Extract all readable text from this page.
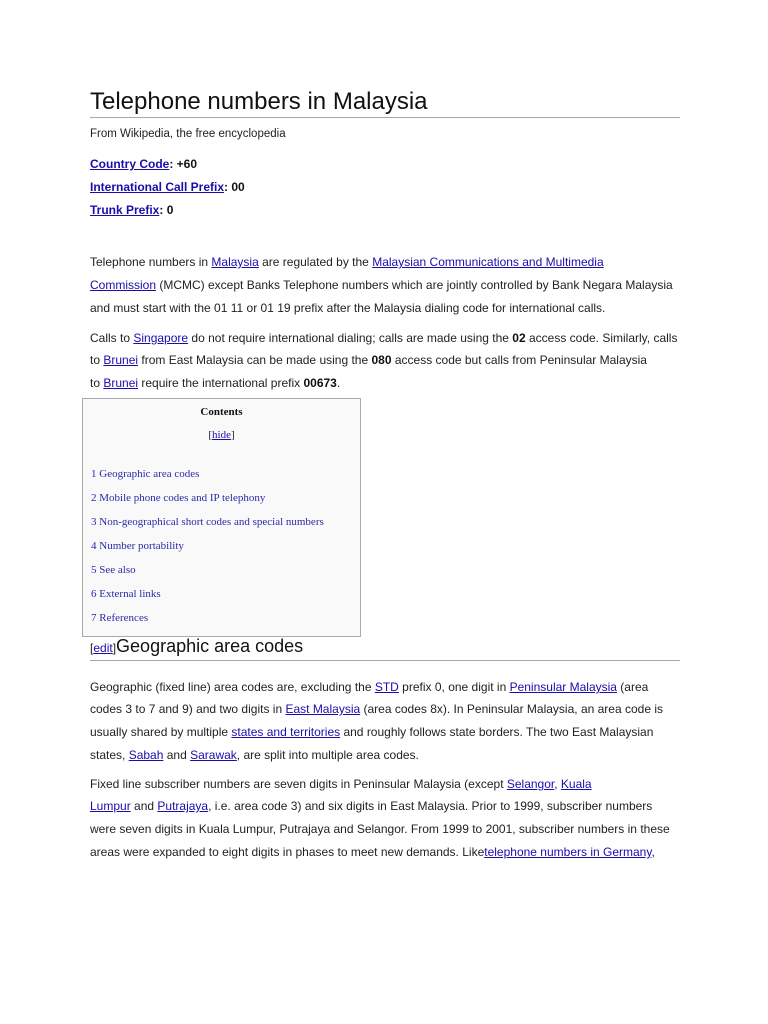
Telephone numbers in Malaysia
From Wikipedia, the free encyclopedia
Country Code: +60
International Call Prefix: 00
Trunk Prefix: 0
Telephone numbers in Malaysia are regulated by the Malaysian Communications and Multimedia
Commission (MCMC) except Banks Telephone numbers which are jointly controlled by Bank Negara Malaysia
and must start with the 01 11 or 01 19 prefix after the Malaysia dialing code for international calls.
Calls to Singapore do not require international dialing; calls are made using the 02 access code. Similarly, calls
to Brunei from East Malaysia can be made using the 080 access code but calls from Peninsular Malaysia
to Brunei require the international prefix 00673.
Contents
[hide]
1 Geographic area codes
2 Mobile phone codes and IP telephony
3 Non-geographical short codes and special numbers
4 Number portability
5 See also
6 External links
7 References
[edit]Geographic area codes
Geographic (fixed line) area codes are, excluding the STD prefix 0, one digit in Peninsular Malaysia (area
codes 3 to 7 and 9) and two digits in East Malaysia (area codes 8x). In Peninsular Malaysia, an area code is
usually shared by multiple states and territories and roughly follows state borders. The two East Malaysian
states, Sabah and Sarawak, are split into multiple area codes.
Fixed line subscriber numbers are seven digits in Peninsular Malaysia (except Selangor, Kuala
Lumpur and Putrajaya, i.e. area code 3) and six digits in East Malaysia. Prior to 1999, subscriber numbers
were seven digits in Kuala Lumpur, Putrajaya and Selangor. From 1999 to 2001, subscriber numbers in these
areas were expanded to eight digits in phases to meet new demands. Liketelephone numbers in Germany,
